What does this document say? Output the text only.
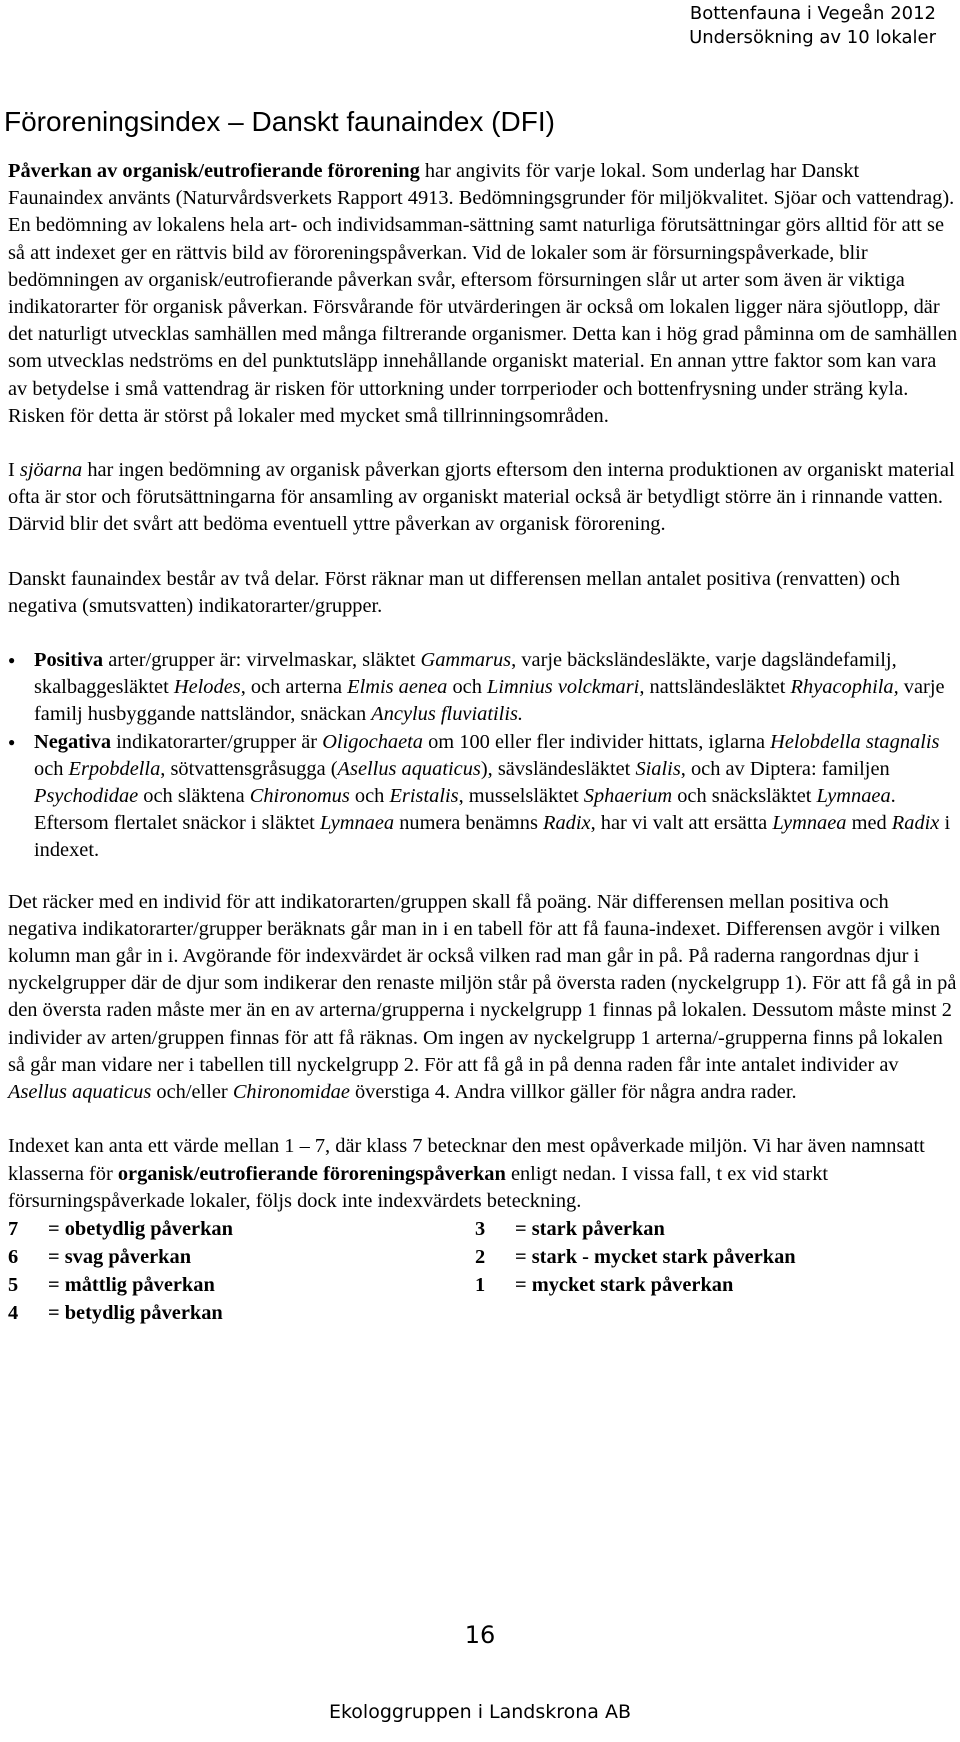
Bottenfauna i Vegeån 2012
Undersökning av 10 lokaler
Föroreningsindex – Danskt faunaindex (DFI)

Påverkan av organisk/eutrofierande förorening har angivits för varje lokal. Som underlag har Danskt Faunaindex använts (Naturvårdsverkets Rapport 4913. Bedömningsgrunder för miljökvalitet. Sjöar och vattendrag). En bedömning av lokalens hela art- och individsamman-sättning samt naturliga förutsättningar görs alltid för att se så att indexet ger en rättvis bild av föroreningspåverkan. Vid de lokaler som är försurningspåverkade, blir bedömningen av organisk/eutrofierande påverkan svår, eftersom försurningen slår ut arter som även är viktiga indikatorarter för organisk påverkan. Försvårande för utvärderingen är också om lokalen ligger nära sjöutlopp, där det naturligt utvecklas samhällen med många filtrerande organismer. Detta kan i hög grad påminna om de samhällen som utvecklas nedströms en del punktutsläpp innehållande organiskt material. En annan yttre faktor som kan vara av betydelse i små vattendrag är risken för uttorkning under torrperioder och bottenfrysning under sträng kyla. Risken för detta är störst på lokaler med mycket små tillrinningsområden.

I sjöarna har ingen bedömning av organisk påverkan gjorts eftersom den interna produktionen av organiskt material ofta är stor och förutsättningarna för ansamling av organiskt material också är betydligt större än i rinnande vatten. Därvid blir det svårt att bedöma eventuell yttre påverkan av organisk förorening.

Danskt faunaindex består av två delar. Först räknar man ut differensen mellan antalet positiva (renvatten) och negativa (smutsvatten) indikatorarter/grupper.

● Positiva arter/grupper är: virvelmaskar, släktet Gammarus, varje bäcksländesläkte, varje dagsländefamilj, skalbaggesläktet Helodes, och arterna Elmis aenea och Limnius volckmari, nattsländesläktet Rhyacophila, varje familj husbyggande nattsländor, snäckan Ancylus fluviatilis.
● Negativa indikatorarter/grupper är Oligochaeta om 100 eller fler individer hittats, iglarna Helobdella stagnalis och Erpobdella, sötvattensgråsugga (Asellus aquaticus), sävsländesläktet Sialis, och av Diptera: familjen Psychodidae och släktena Chironomus och Eristalis, musselsläktet Sphaerium och snäcksläktet Lymnaea. Eftersom flertalet snäckor i släktet Lymnaea numera benämns Radix, har vi valt att ersätta Lymnaea med Radix i indexet.

Det räcker med en individ för att indikatorarten/gruppen skall få poäng. När differensen mellan positiva och negativa indikatorarter/grupper beräknats går man in i en tabell för att få fauna-indexet. Differensen avgör i vilken kolumn man går in i. Avgörande för indexvärdet är också vilken rad man går in på. På raderna rangordnas djur i nyckelgrupper där de djur som indikerar den renaste miljön står på översta raden (nyckelgrupp 1). För att få gå in på den översta raden måste mer än en av arterna/grupperna i nyckelgrupp 1 finnas på lokalen. Dessutom måste minst 2 individer av arten/gruppen finnas för att få räknas. Om ingen av nyckelgrupp 1 arterna/-grupperna finns på lokalen så går man vidare ner i tabellen till nyckelgrupp 2. För att få gå in på denna raden får inte antalet individer av Asellus aquaticus och/eller Chironomidae överstiga 4. Andra villkor gäller för några andra rader.

Indexet kan anta ett värde mellan 1 – 7, där klass 7 betecknar den mest opåverkade miljön. Vi har även namnsatt klasserna för organisk/eutrofierande föroreningspåverkan enligt nedan. I vissa fall, t ex vid starkt försurningspåverkade lokaler, följs dock inte indexvärdets beteckning.

7	= obetydlig påverkan	3	= stark påverkan
6	= svag påverkan	2	= stark - mycket stark påverkan
5	= måttlig påverkan	1	= mycket stark påverkan
4	= betydlig påverkan
16
Ekologgruppen i Landskrona AB
